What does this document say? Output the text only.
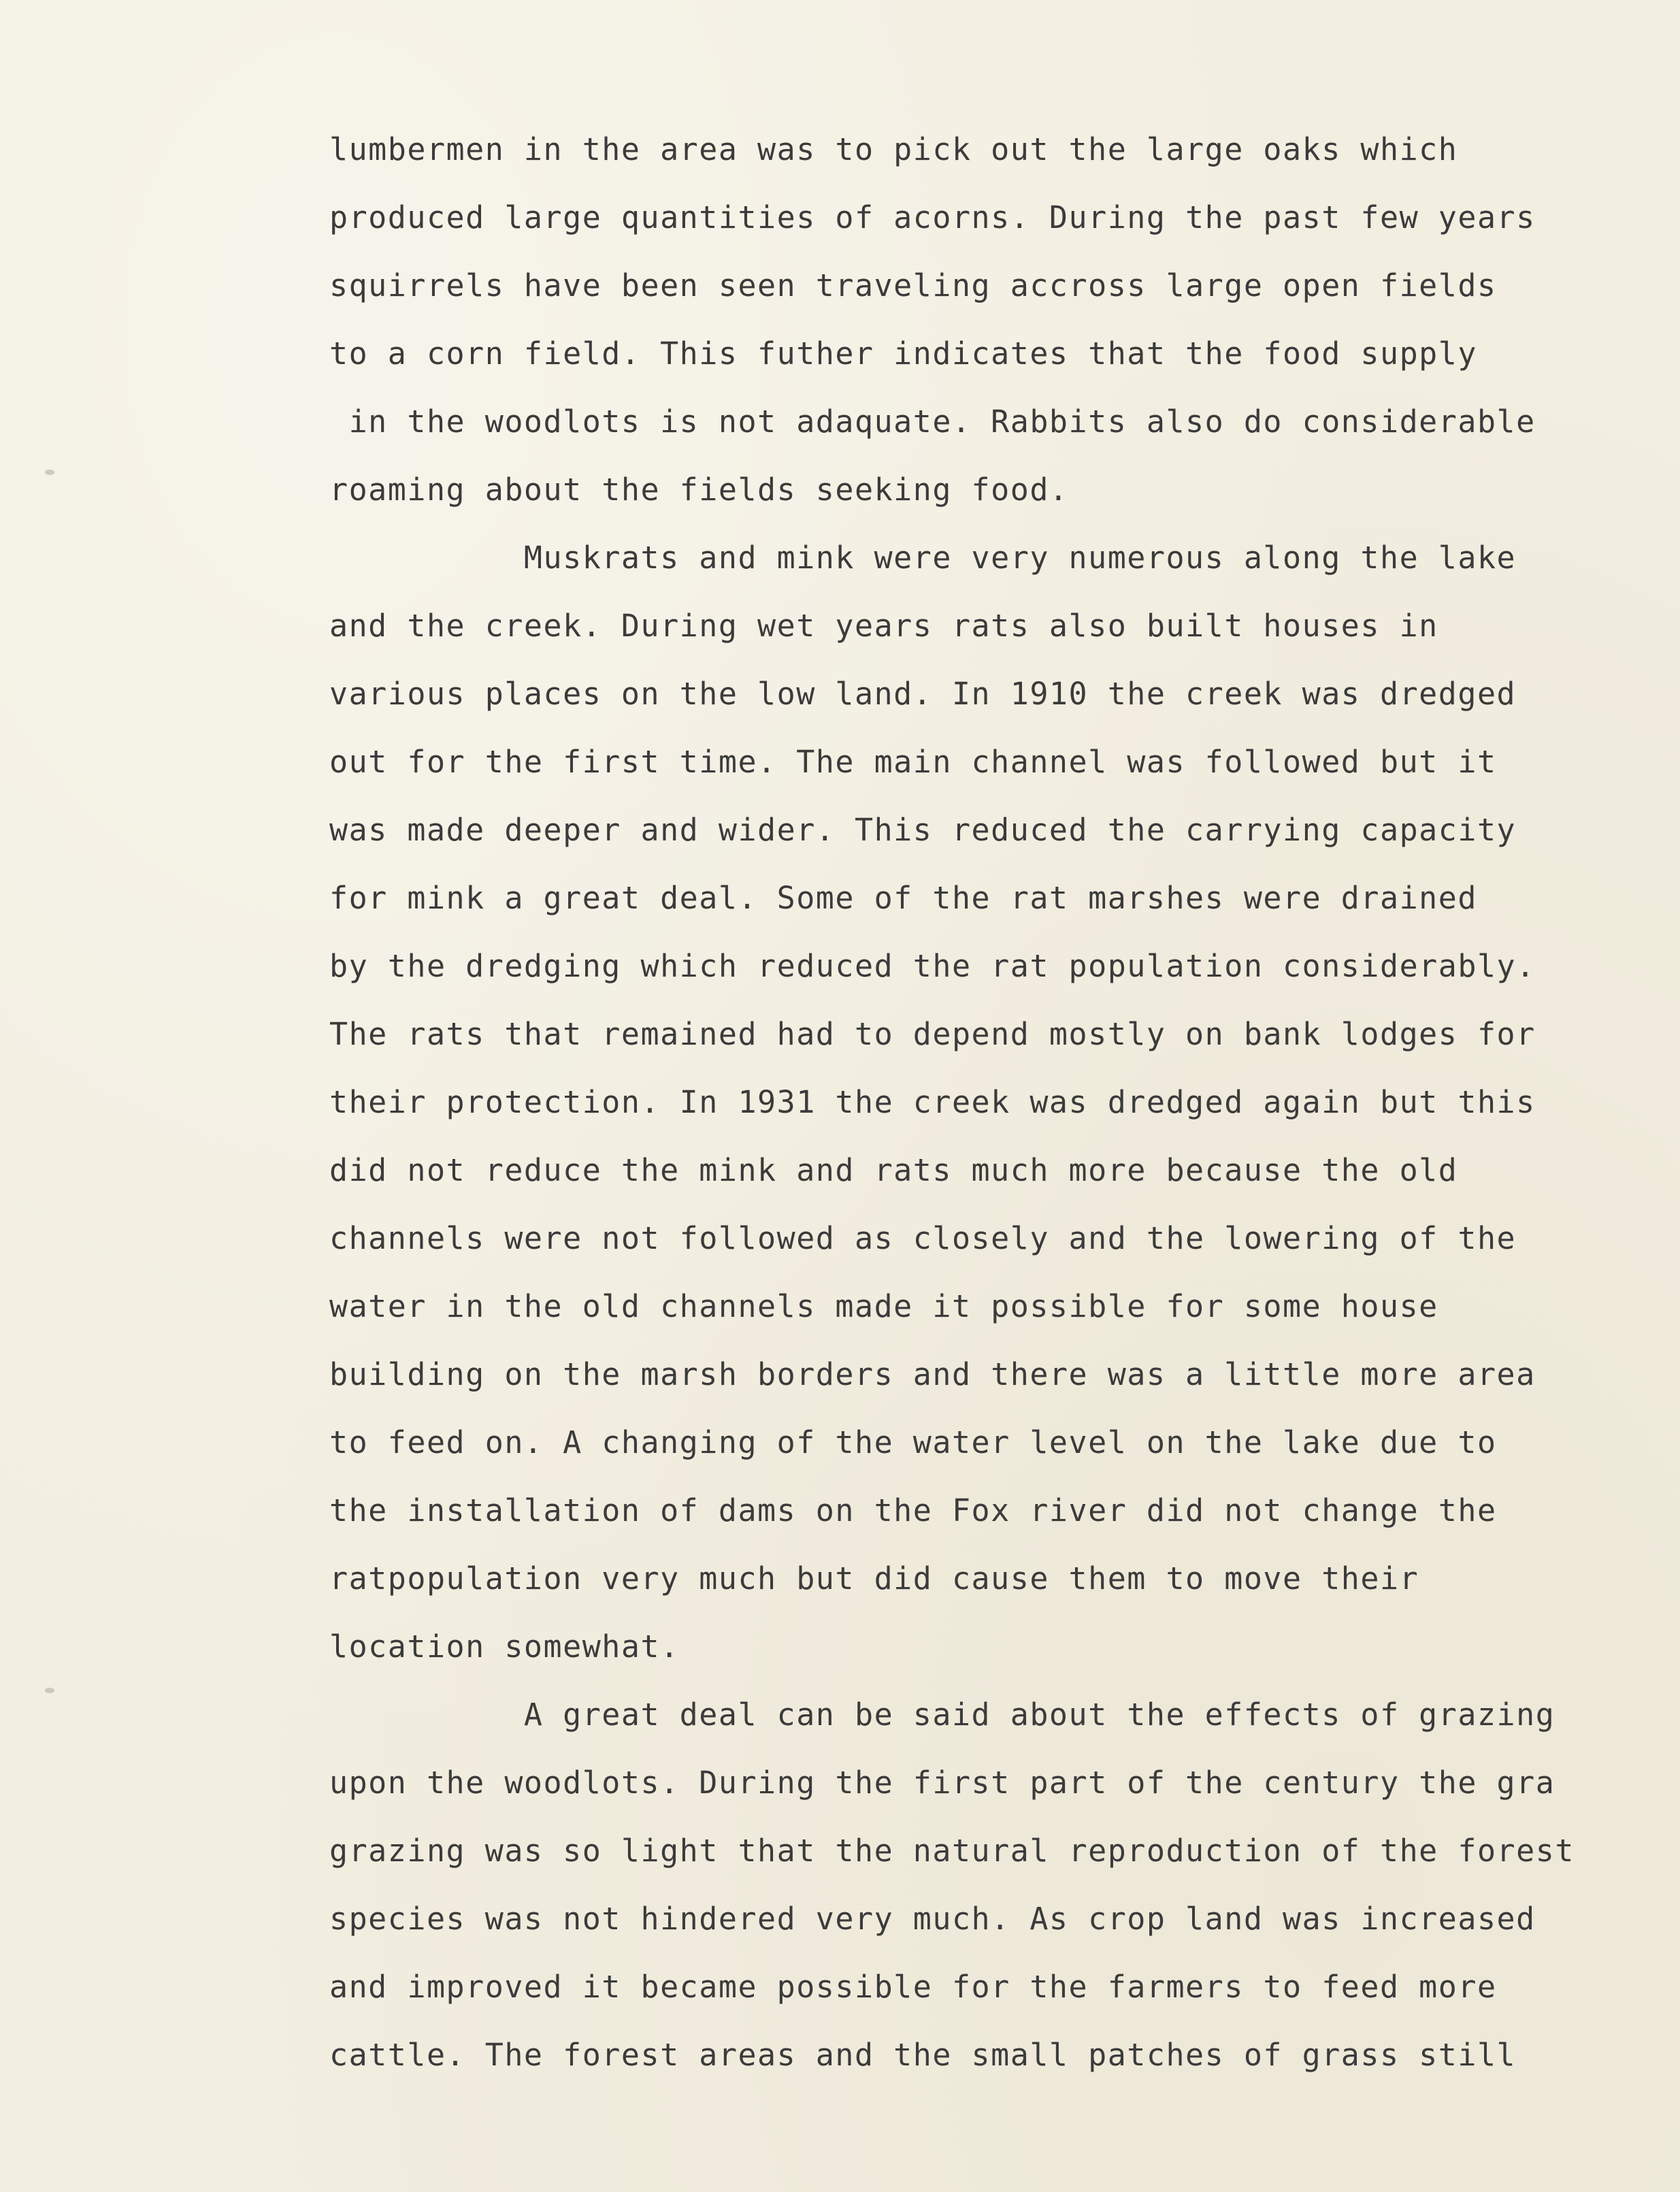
lumbermen in the area was to pick out the large oaks which
produced large quantities of acorns. During the past few years
squirrels have been seen traveling accross large open fields
to a corn field. This futher indicates that the food supply
in the woodlots is not adaquate. Rabbits also do considerable
roaming about the fields seeking food.
Muskrats and mink were very numerous along the lake
and the creek. During wet years rats also built houses in
various places on the low land. In 1910 the creek was dredged
out for the first time. The main channel was followed but it
was made deeper and wider. This reduced the carrying capacity
for mink a great deal. Some of the rat marshes were drained
by the dredging which reduced the rat population considerably.
The rats that remained had to depend mostly on bank lodges for
their protection. In 1931 the creek was dredged again but this
did not reduce the mink and rats much more because the old
channels were not followed as closely and the lowering of the
water in the old channels made it possible for some house
building on the marsh borders and there was a little more area
to feed on. A changing of the water level on the lake due to
the installation of dams on the Fox river did not change the
ratpopulation very much but did cause them to move their
location somewhat.
A great deal can be said about the effects of grazing
upon the woodlots. During the first part of the century the gra
grazing was so light that the natural reproduction of the forest
species was not hindered very much. As crop land was increased
and improved it became possible for the farmers to feed more
cattle. The forest areas and the small patches of grass still
